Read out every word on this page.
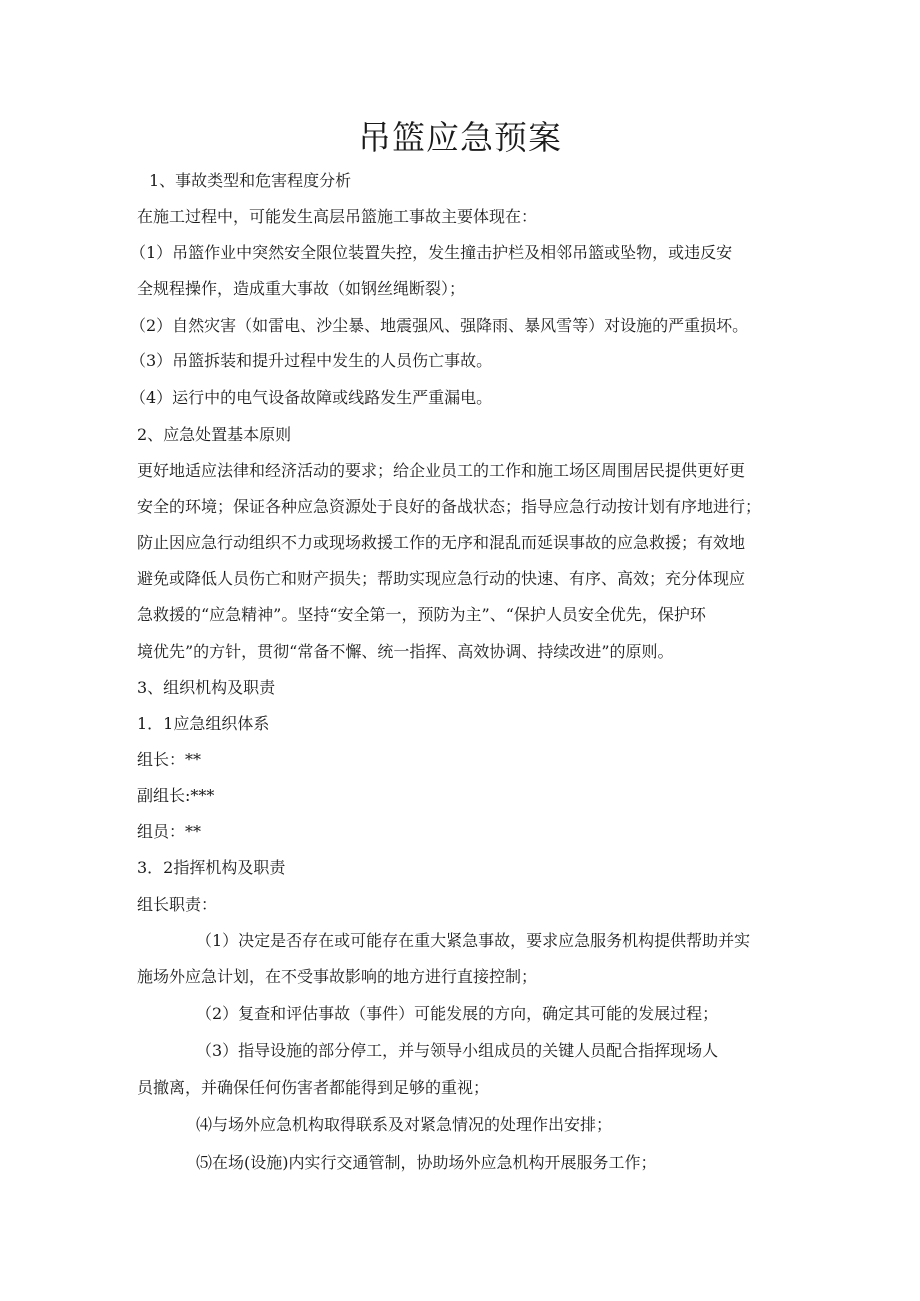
吊篮应急预案
1、事故类型和危害程度分析
在施工过程中，可能发生高层吊篮施工事故主要体现在：
（1）吊篮作业中突然安全限位装置失控，发生撞击护栏及相邻吊篮或坠物，或违反安
全规程操作，造成重大事故（如钢丝绳断裂）；
（2）自然灾害（如雷电、沙尘暴、地震强风、强降雨、暴风雪等）对设施的严重损坏。
（3）吊篮拆装和提升过程中发生的人员伤亡事故。
（4）运行中的电气设备故障或线路发生严重漏电。
2、应急处置基本原则
更好地适应法律和经济活动的要求；给企业员工的工作和施工场区周围居民提供更好更
安全的环境；保证各种应急资源处于良好的备战状态；指导应急行动按计划有序地进行；
防止因应急行动组织不力或现场救援工作的无序和混乱而延误事故的应急救援；有效地
避免或降低人员伤亡和财产损失；帮助实现应急行动的快速、有序、高效；充分体现应
急救援的“应急精神”。坚持“安全第一，预防为主”、“保护人员安全优先，保护环
境优先”的方针，贯彻“常备不懈、统一指挥、高效协调、持续改进”的原则。
3、组织机构及职责
1．1应急组织体系
组长：**
副组长:***
组员：**
3．2指挥机构及职责
组长职责：
（1）决定是否存在或可能存在重大紧急事故，要求应急服务机构提供帮助并实
施场外应急计划，在不受事故影响的地方进行直接控制；
（2）复查和评估事故（事件）可能发展的方向，确定其可能的发展过程；
（3）指导设施的部分停工，并与领导小组成员的关键人员配合指挥现场人
员撤离，并确保任何伤害者都能得到足够的重视；
⑷与场外应急机构取得联系及对紧急情况的处理作出安排；
⑸在场(设施)内实行交通管制，协助场外应急机构开展服务工作；
